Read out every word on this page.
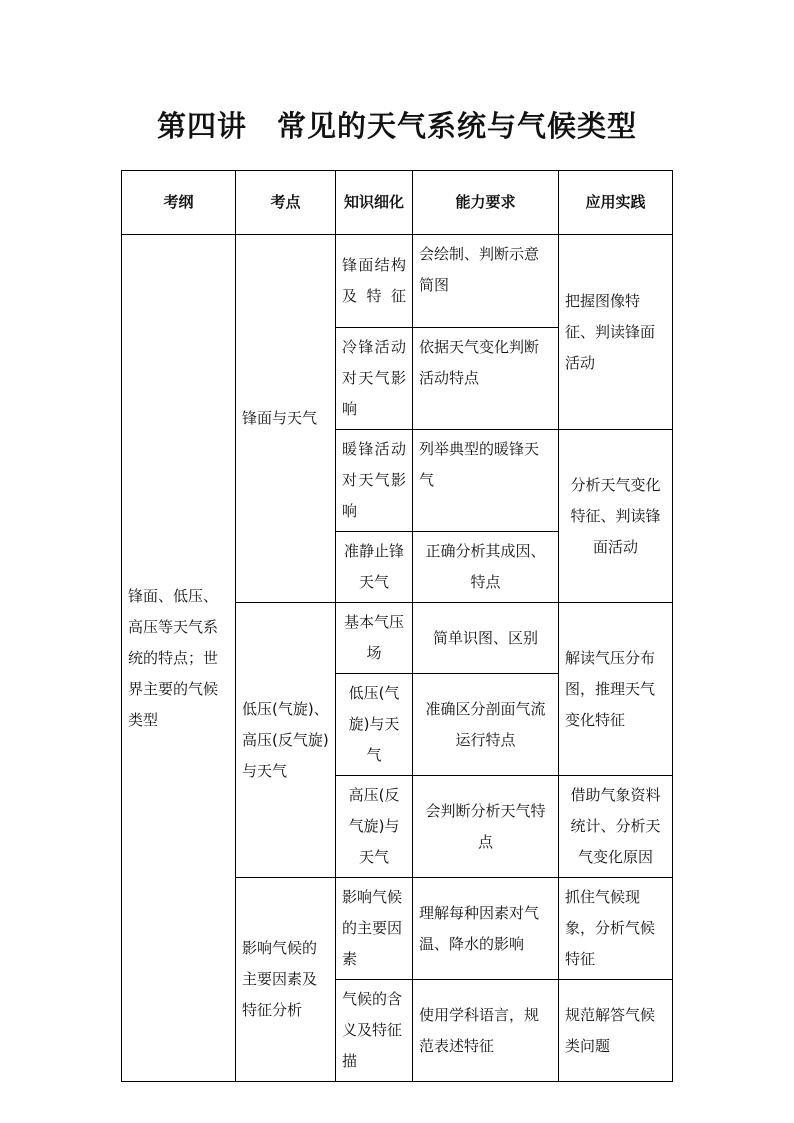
第四讲　常见的天气系统与气候类型
考纲	考点	知识细化	能力要求	应用实践
锋面、低压、高压等天气系统的特点；世界主要的气候类型	锋面与天气	锋面结构及特征	会绘制、判断示意简图	把握图像特征、判读锋面活动
		冷锋活动对天气影响	依据天气变化判断活动特点	
		暖锋活动对天气影响	列举典型的暖锋天气	分析天气变化特征、判读锋面活动
		准静止锋天气	正确分析其成因、特点	
	低压(气旋)、高压(反气旋)与天气	基本气压场	简单识图、区别	解读气压分布图，推理天气变化特征
		低压(气旋)与天气	准确区分剖面气流运行特点	
		高压(反气旋)与天气	会判断分析天气特点	借助气象资料统计、分析天气变化原因
	影响气候的主要因素及特征分析	影响气候的主要因素	理解每种因素对气温、降水的影响	抓住气候现象，分析气候特征
		气候的含义及特征描	使用学科语言，规范表述特征	规范解答气候类问题
